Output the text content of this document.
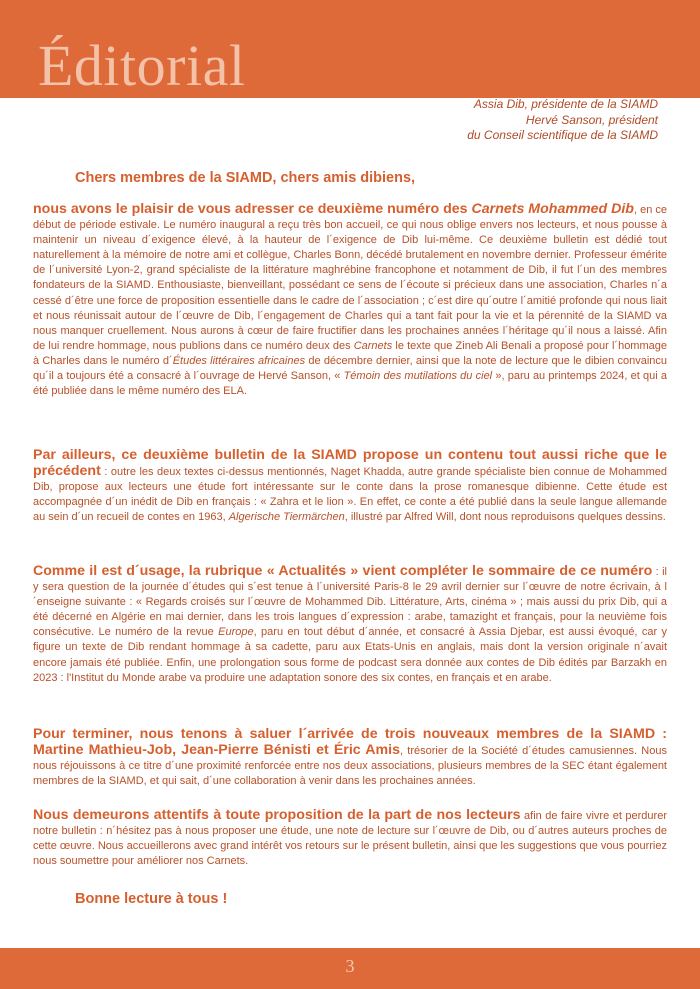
Éditorial
Assia Dib, présidente de la SIAMD
Hervé Sanson, président
du Conseil scientifique de la SIAMD
Chers membres de la SIAMD, chers amis dibiens,
nous avons le plaisir de vous adresser ce deuxième numéro des Carnets Mohammed Dib, en ce début de période estivale. Le numéro inaugural a reçu très bon accueil, ce qui nous oblige envers nos lecteurs, et nous pousse à maintenir un niveau d´exigence élevé, à la hauteur de l´exigence de Dib lui-même. Ce deuxième bulletin est dédié tout naturellement à la mémoire de notre ami et collègue, Charles Bonn, décédé brutalement en novembre dernier. Professeur émérite de l´université Lyon-2, grand spécialiste de la littérature maghrébine francophone et notamment de Dib, il fut l´un des membres fondateurs de la SIAMD. Enthousiaste, bienveillant, possédant ce sens de l´écoute si précieux dans une association, Charles n´a cessé d´être une force de proposition essentielle dans le cadre de l´association ; c´est dire qu´outre l´amitié profonde qui nous liait et nous réunissait autour de l´œuvre de Dib, l´engagement de Charles qui a tant fait pour la vie et la pérennité de la SIAMD va nous manquer cruellement. Nous aurons à cœur de faire fructifier dans les prochaines années l´héritage qu´il nous a laissé. Afin de lui rendre hommage, nous publions dans ce numéro deux des Carnets le texte que Zineb Ali Benali a proposé pour l´hommage à Charles dans le numéro d´Études littéraires africaines de décembre dernier, ainsi que la note de lecture que le dibien convaincu qu´il a toujours été a consacré à l´ouvrage de Hervé Sanson, « Témoin des mutilations du ciel », paru au printemps 2024, et qui a été publiée dans le même numéro des ELA.
Par ailleurs, ce deuxième bulletin de la SIAMD propose un contenu tout aussi riche que le précédent : outre les deux textes ci-dessus mentionnés, Naget Khadda, autre grande spécialiste bien connue de Mohammed Dib, propose aux lecteurs une étude fort intéressante sur le conte dans la prose romanesque dibienne. Cette étude est accompagnée d´un inédit de Dib en français : « Zahra et le lion ». En effet, ce conte a été publié dans la seule langue allemande au sein d´un recueil de contes en 1963, Algerische Tiermärchen, illustré par Alfred Will, dont nous reproduisons quelques dessins.
Comme il est d´usage, la rubrique « Actualités » vient compléter le sommaire de ce numéro : il y sera question de la journée d´études qui s´est tenue à l´université Paris-8 le 29 avril dernier sur l´œuvre de notre écrivain, à l´enseigne suivante : « Regards croisés sur l´œuvre de Mohammed Dib. Littérature, Arts, cinéma » ; mais aussi du prix Dib, qui a été décerné en Algérie en mai dernier, dans les trois langues d´expression : arabe, tamazight et français, pour la neuvième fois consécutive. Le numéro de la revue Europe, paru en tout début d´année, et consacré à Assia Djebar, est aussi évoqué, car y figure un texte de Dib rendant hommage à sa cadette, paru aux Etats-Unis en anglais, mais dont la version originale n´avait encore jamais été publiée. Enfin, une prolongation sous forme de podcast sera donnée aux contes de Dib édités par Barzakh en 2023 : l'Institut du Monde arabe va produire une adaptation sonore des six contes, en français et en arabe.
Pour terminer, nous tenons à saluer l´arrivée de trois nouveaux membres de la SIAMD : Martine Mathieu-Job, Jean-Pierre Bénisti et Éric Amis, trésorier de la Société d´études camusiennes. Nous nous réjouissons à ce titre d´une proximité renforcée entre nos deux associations, plusieurs membres de la SEC étant également membres de la SIAMD, et qui sait, d´une collaboration à venir dans les prochaines années.
Nous demeurons attentifs à toute proposition de la part de nos lecteurs afin de faire vivre et perdurer notre bulletin : n´hésitez pas à nous proposer une étude, une note de lecture sur l´œuvre de Dib, ou d´autres auteurs proches de cette œuvre. Nous accueillerons avec grand intérêt vos retours sur le présent bulletin, ainsi que les suggestions que vous pourriez nous soumettre pour améliorer nos Carnets.
Bonne lecture à tous !
3
